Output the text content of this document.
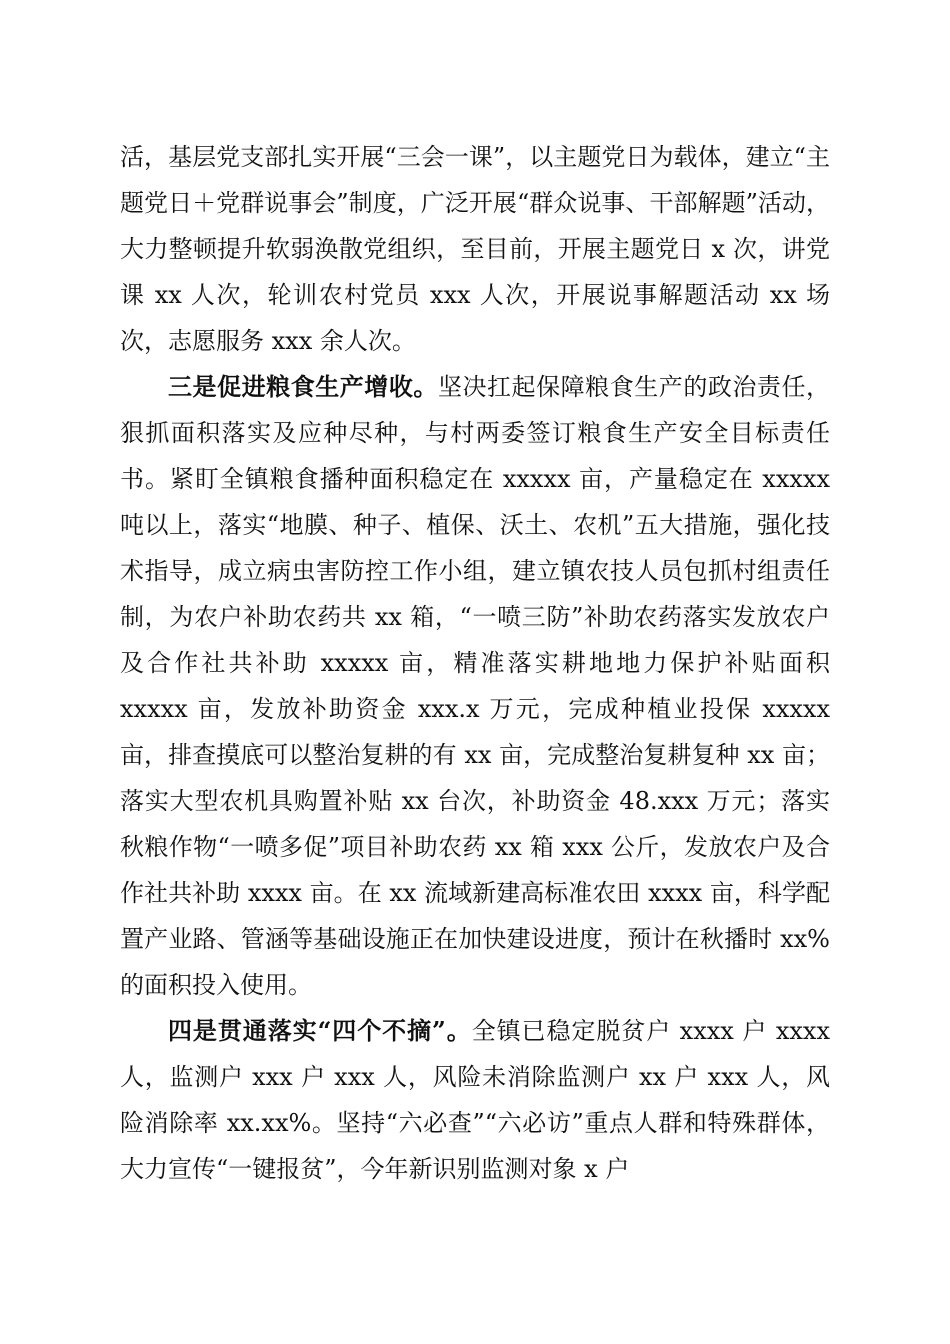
活，基层党支部扎实开展“三会一课”，以主题党日为载体，建立“主题党日＋党群说事会”制度，广泛开展“群众说事、干部解题”活动，大力整顿提升软弱涣散党组织，至目前，开展主题党日 x 次，讲党课 xx 人次，轮训农村党员 xxx 人次，开展说事解题活动 xx 场次，志愿服务 xxx 余人次。

三是促进粮食生产增收。坚决扛起保障粮食生产的政治责任，狠抓面积落实及应种尽种，与村两委签订粮食生产安全目标责任书。紧盯全镇粮食播种面积稳定在 xxxxx 亩，产量稳定在 xxxxx 吨以上，落实“地膜、种子、植保、沃土、农机”五大措施，强化技术指导，成立病虫害防控工作小组，建立镇农技人员包抓村组责任制，为农户补助农药共 xx 箱，“一喷三防”补助农药落实发放农户及合作社共补助 xxxxx 亩，精准落实耕地地力保护补贴面积 xxxxx 亩，发放补助资金 xxx.x 万元，完成种植业投保 xxxxx 亩，排查摸底可以整治复耕的有 xx 亩，完成整治复耕复种 xx 亩；落实大型农机具购置补贴 xx 台次，补助资金 48.xxx 万元；落实秋粮作物“一喷多促”项目补助农药 xx 箱 xxx 公斤，发放农户及合作社共补助 xxxx 亩。在 xx 流域新建高标准农田 xxxx 亩，科学配置产业路、管涵等基础设施正在加快建设进度，预计在秋播时 xx%的面积投入使用。

四是贯通落实“四个不摘”。全镇已稳定脱贫户 xxxx 户 xxxx 人，监测户 xxx 户 xxx 人，风险未消除监测户 xx 户 xxx 人，风险消除率 xx.xx%。坚持“六必查”“六必访”重点人群和特殊群体，大力宣传“一键报贫”，今年新识别监测对象 x 户
